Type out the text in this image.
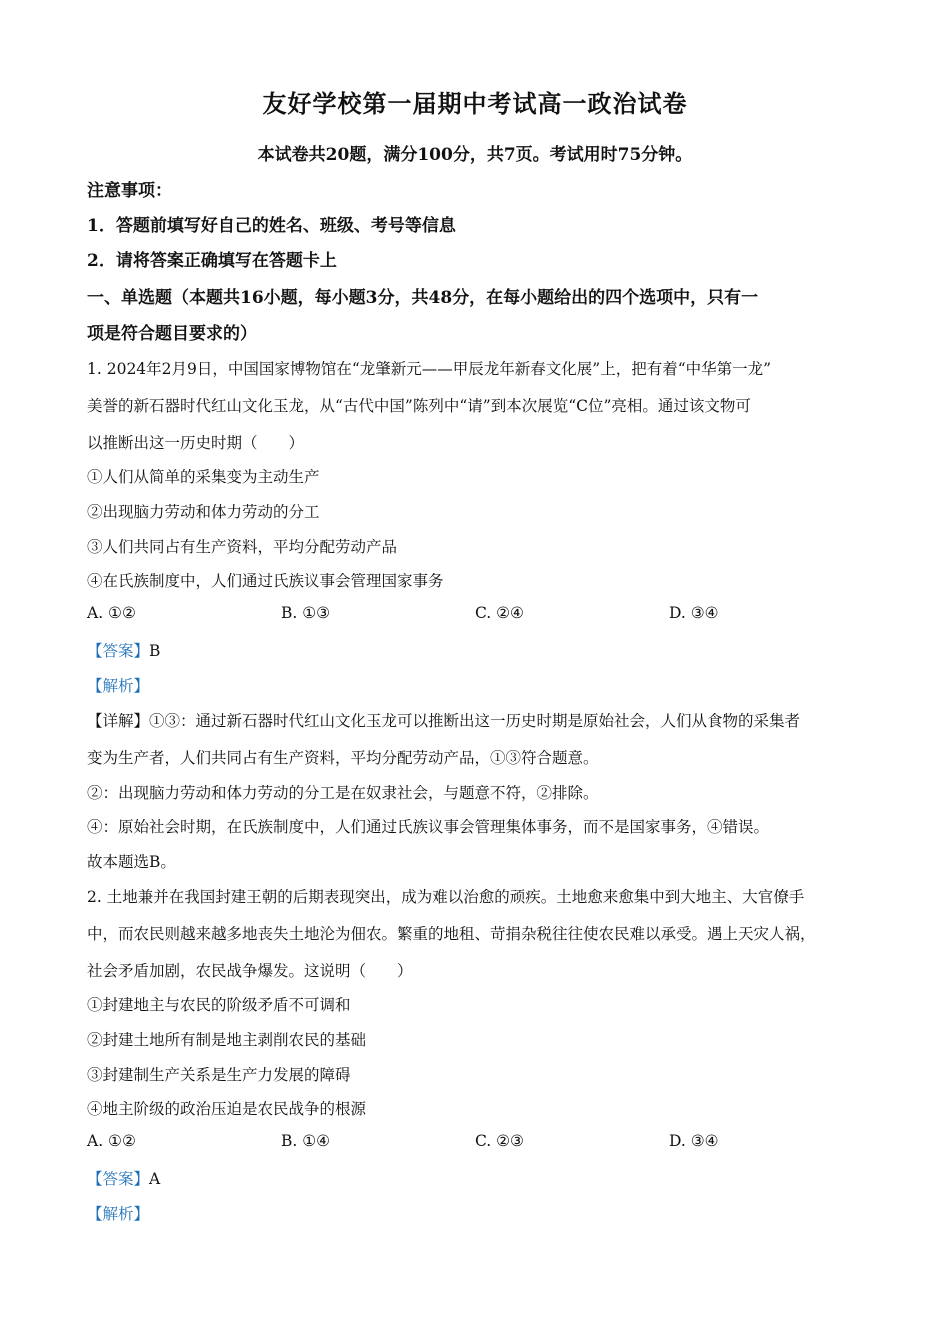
友好学校第一届期中考试高一政治试卷
本试卷共20题，满分100分，共7页。考试用时75分钟。
注意事项：
1．答题前填写好自己的姓名、班级、考号等信息
2．请将答案正确填写在答题卡上
一、单选题（本题共16小题，每小题3分，共48分，在每小题给出的四个选项中，只有一
项是符合题目要求的）
1. 2024年2月9日，中国国家博物馆在“龙肇新元——甲辰龙年新春文化展”上，把有着“中华第一龙”
美誉的新石器时代红山文化玉龙，从“古代中国”陈列中“请”到本次展览“C位”亮相。通过该文物可
以推断出这一历史时期（　　）
①人们从简单的采集变为主动生产
②出现脑力劳动和体力劳动的分工
③人们共同占有生产资料，平均分配劳动产品
④在氏族制度中，人们通过氏族议事会管理国家事务
A. ①②	B. ①③	C. ②④	D. ③④
【答案】B
【解析】
【详解】①③：通过新石器时代红山文化玉龙可以推断出这一历史时期是原始社会，人们从食物的采集者
变为生产者，人们共同占有生产资料，平均分配劳动产品，①③符合题意。
②：出现脑力劳动和体力劳动的分工是在奴隶社会，与题意不符，②排除。
④：原始社会时期，在氏族制度中，人们通过氏族议事会管理集体事务，而不是国家事务，④错误。
故本题选B。
2. 土地兼并在我国封建王朝的后期表现突出，成为难以治愈的顽疾。土地愈来愈集中到大地主、大官僚手
中，而农民则越来越多地丧失土地沦为佃农。繁重的地租、苛捐杂税往往使农民难以承受。遇上天灾人祸，
社会矛盾加剧，农民战争爆发。这说明（　　）
①封建地主与农民的阶级矛盾不可调和
②封建土地所有制是地主剥削农民的基础
③封建制生产关系是生产力发展的障碍
④地主阶级的政治压迫是农民战争的根源
A. ①②	B. ①④	C. ②③	D. ③④
【答案】A
【解析】
